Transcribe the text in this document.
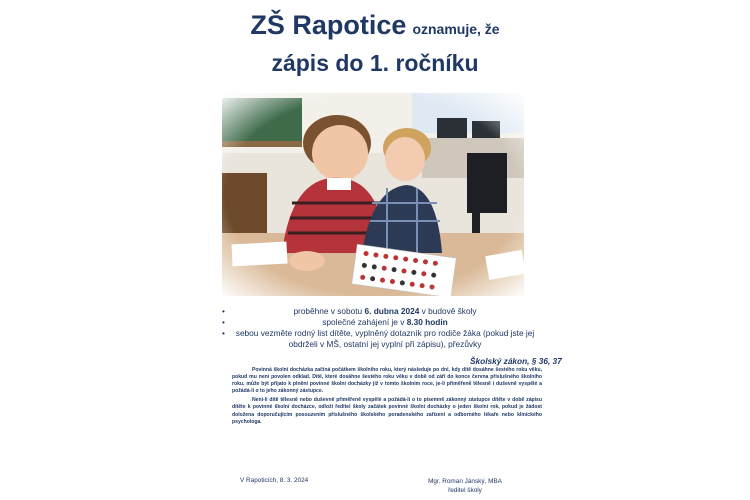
ZŠ Rapotice oznamuje, že
zápis do 1. ročníku
•	proběhne v sobotu 6. dubna 2024 v budově školy
•	společné zahájení je v 8.30 hodin
• sebou vezměte rodný list dítěte, vyplněný dotazník pro rodiče žáka (pokud jste jej obdrželi v MŠ, ostatní jej vyplní při zápisu), přezůvky
Školský zákon, § 36, 37

Povinná školní docházka začíná počátkem školního roku, který následuje po dni, kdy dítě dosáhne šestého roku věku, pokud mu není povolen odklad. Dítě, které dosáhne šestého roku věku v době od září do konce června příslušného školního roku, může být přijato k plnění povinné školní docházky již v tomto školním roce, je-li přiměřeně tělesně i duševně vyspělé a požádá-li o to jeho zákonný zástupce.

Není-li dítě tělesně nebo duševně přiměřeně vyspělé a požádá-li o to písemně zákonný zástupce dítěte v době zápisu dítěte k povinné školní docházce, odloží ředitel školy začátek povinné školní docházky o jeden školní rok, pokud je žádost doložena doporučujícím posouzením příslušného školského poradenského zařízení a odborného lékaře nebo klinického psychologa.

V Rapoticích, 8. 3. 2024	Mgr. Roman Jánský, MBA
ředitel školy
